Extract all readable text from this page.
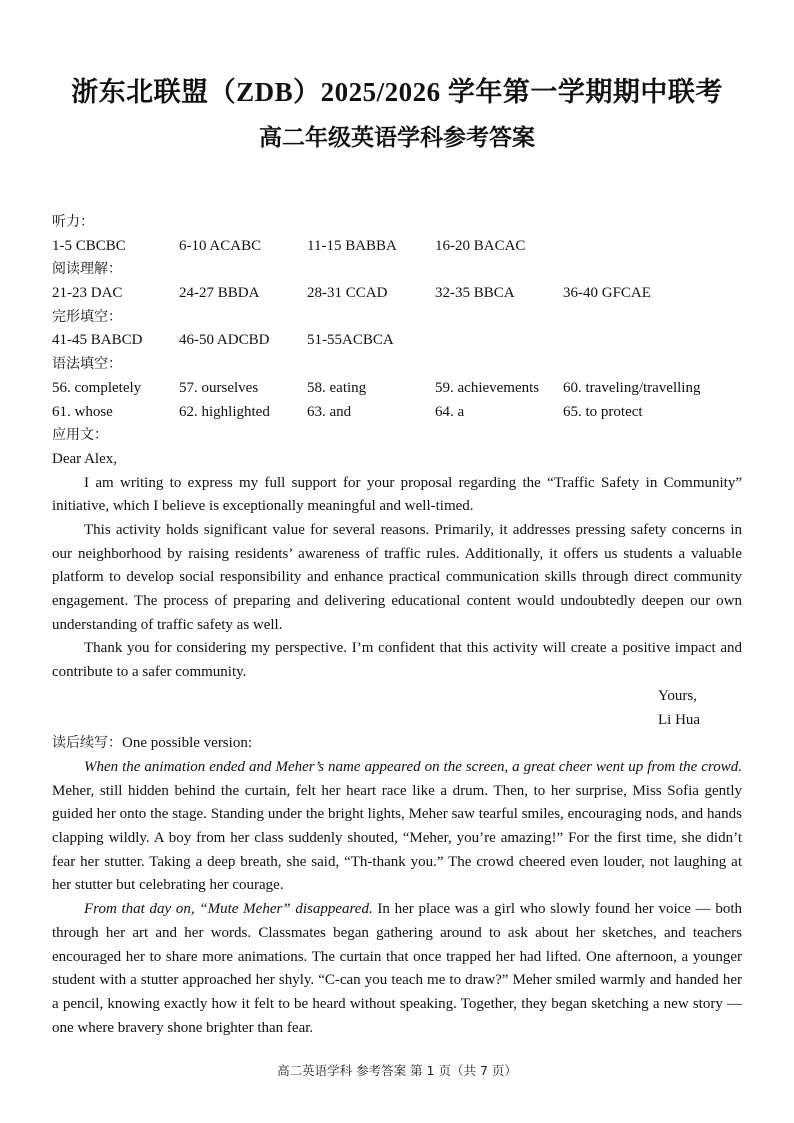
浙东北联盟（ZDB）2025/2026 学年第一学期期中联考
高二年级英语学科参考答案
听力：
1-5 CBCBC	6-10 ACABC	11-15 BABBA	16-20 BACAC
阅读理解：
21-23 DAC	24-27 BBDA	28-31 CCAD	32-35 BBCA	36-40 GFCAE
完形填空：
41-45 BABCD 46-50 ADCBD	51-55ACBCA
语法填空：
56. completely	57. ourselves	58. eating	59. achievements 60. traveling/travelling
61. whose	62. highlighted 63. and	64. a	65. to protect
应用文：
Dear Alex,

I am writing to express my full support for your proposal regarding the “Traffic Safety in Community” initiative, which I believe is exceptionally meaningful and well-timed.

This activity holds significant value for several reasons. Primarily, it addresses pressing safety concerns in our neighborhood by raising residents’ awareness of traffic rules. Additionally, it offers us students a valuable platform to develop social responsibility and enhance practical communication skills through direct community engagement. The process of preparing and delivering educational content would undoubtedly deepen our own understanding of traffic safety as well.

Thank you for considering my perspective. I’m confident that this activity will create a positive impact and contribute to a safer community.

Yours,
Li Hua
读后续写：One possible version:

When the animation ended and Meher’s name appeared on the screen, a great cheer went up from the crowd. Meher, still hidden behind the curtain, felt her heart race like a drum. Then, to her surprise, Miss Sofia gently guided her onto the stage. Standing under the bright lights, Meher saw tearful smiles, encouraging nods, and hands clapping wildly. A boy from her class suddenly shouted, “Meher, you’re amazing!” For the first time, she didn’t fear her stutter. Taking a deep breath, she said, “Th-thank you.” The crowd cheered even louder, not laughing at her stutter but celebrating her courage.

From that day on, “Mute Meher” disappeared. In her place was a girl who slowly found her voice — both through her art and her words. Classmates began gathering around to ask about her sketches, and teachers encouraged her to share more animations. The curtain that once trapped her had lifted. One afternoon, a younger student with a stutter approached her shyly. “C-can you teach me to draw?” Meher smiled warmly and handed her a pencil, knowing exactly how it felt to be heard without speaking. Together, they began sketching a new story — one where bravery shone brighter than fear.

高二英语学科 参考答案 第 1 页（共 7 页）
